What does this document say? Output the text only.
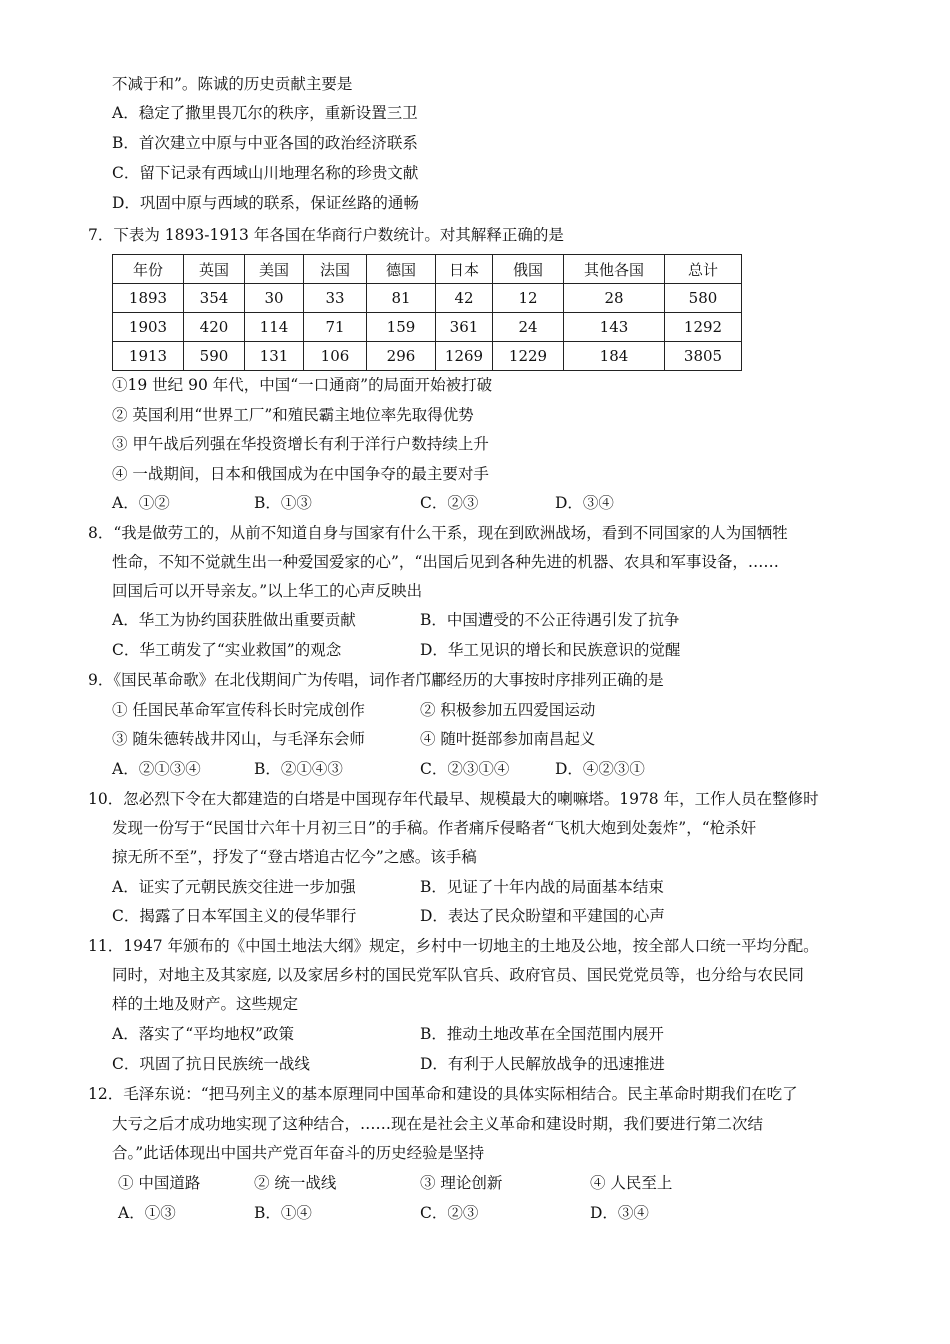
不减于和”。陈诚的历史贡献主要是
A．稳定了撒里畏兀尔的秩序，重新设置三卫
B．首次建立中原与中亚各国的政治经济联系
C．留下记录有西域山川地理名称的珍贵文献
D．巩固中原与西域的联系，保证丝路的通畅
7．下表为 1893-1913 年各国在华商行户数统计。对其解释正确的是
年份	英国	美国	法国	德国	日本	俄国	其他各国	总计
1893	354	30	33	81	42	12	28	580
1903	420	114	71	159	361	24	143	1292
1913	590	131	106	296	1269	1229	184	3805
①19 世纪 90 年代，中国“一口通商”的局面开始被打破
② 英国利用“世界工厂”和殖民霸主地位率先取得优势
③ 甲午战后列强在华投资增长有利于洋行户数持续上升
④ 一战期间，日本和俄国成为在中国争夺的最主要对手
A．①②	B．①③	C．②③	D．③④
8．“我是做劳工的，从前不知道自身与国家有什么干系，现在到欧洲战场，看到不同国家的人为国牺牲
性命，不知不觉就生出一种爱国爱家的心”，“出国后见到各种先进的机器、农具和军事设备，……
回国后可以开导亲友。”以上华工的心声反映出
A．华工为协约国获胜做出重要贡献	B．中国遭受的不公正待遇引发了抗争
C．华工萌发了“实业救国”的观念	D．华工见识的增长和民族意识的觉醒
9．《国民革命歌》在北伐期间广为传唱，词作者邝鄘经历的大事按时序排列正确的是
① 任国民革命军宣传科长时完成创作	② 积极参加五四爱国运动
③ 随朱德转战井冈山，与毛泽东会师	④ 随叶挺部参加南昌起义
A．②①③④	B．②①④③	C．②③①④	D．④②③①
10．忽必烈下令在大都建造的白塔是中国现存年代最早、规模最大的喇嘛塔。1978 年，工作人员在整修时
发现一份写于“民国廿六年十月初三日”的手稿。作者痛斥侵略者“飞机大炮到处轰炸”，“枪杀奸
掠无所不至”，抒发了“登古塔追古忆今”之感。该手稿
A．证实了元朝民族交往进一步加强	B．见证了十年内战的局面基本结束
C．揭露了日本军国主义的侵华罪行	D．表达了民众盼望和平建国的心声
11．1947 年颁布的《中国土地法大纲》规定，乡村中一切地主的土地及公地，按全部人口统一平均分配。
同时，对地主及其家庭, 以及家居乡村的国民党军队官兵、政府官员、国民党党员等，也分给与农民同
样的土地及财产。这些规定
A．落实了“平均地权”政策	B．推动土地改革在全国范围内展开
C．巩固了抗日民族统一战线	D．有利于人民解放战争的迅速推进
12．毛泽东说：“把马列主义的基本原理同中国革命和建设的具体实际相结合。民主革命时期我们在吃了
大亏之后才成功地实现了这种结合，……现在是社会主义革命和建设时期，我们要进行第二次结
合。”此话体现出中国共产党百年奋斗的历史经验是坚持
① 中国道路	② 统一战线	③ 理论创新	④ 人民至上
A．①③	B．①④	C．②③	D．③④
